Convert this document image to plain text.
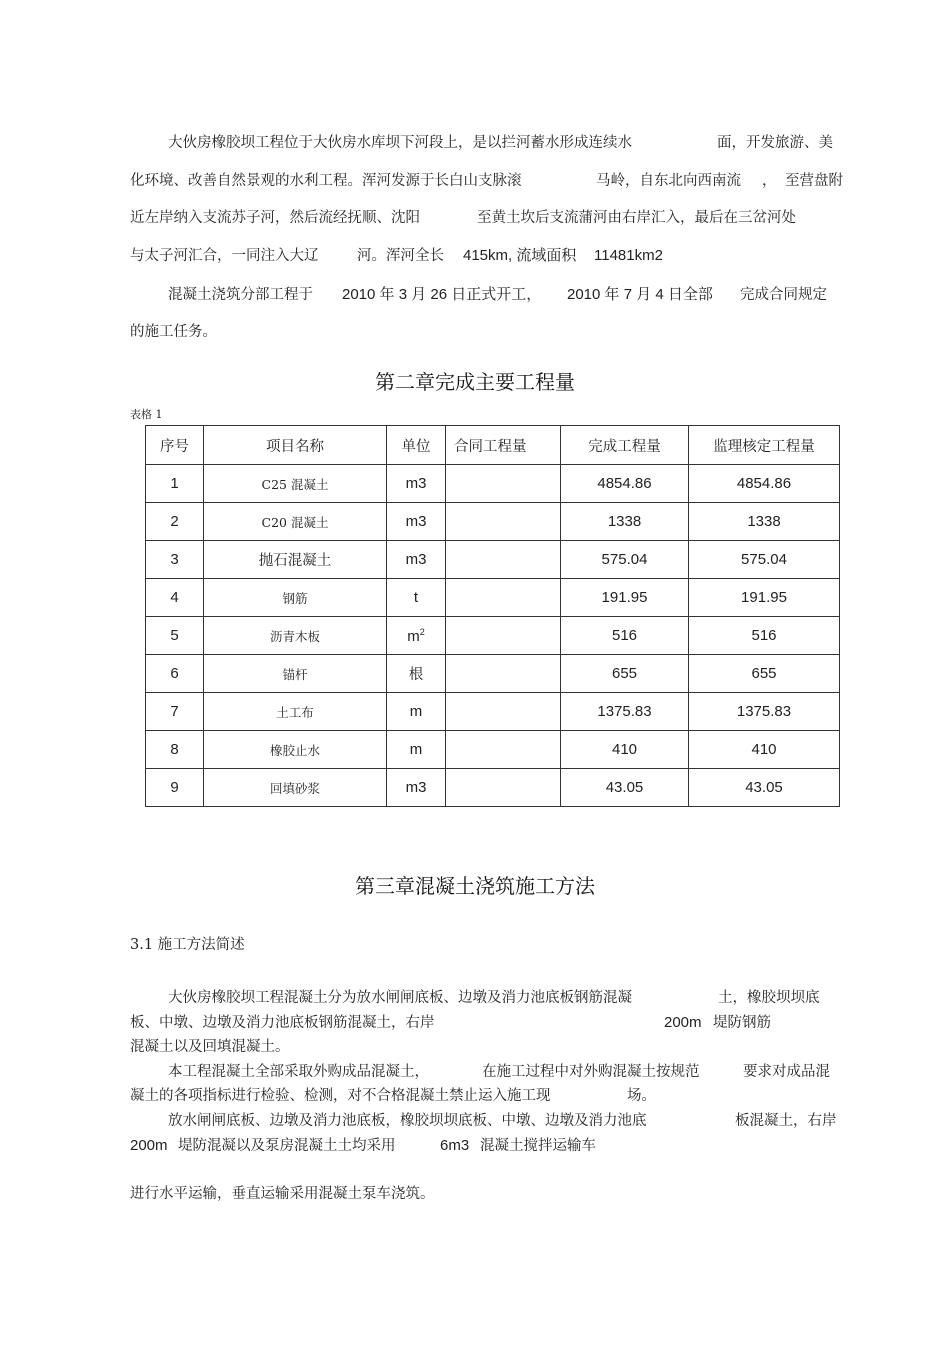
大伙房橡胶坝工程位于大伙房水库坝下河段上，是以拦河蓄水形成连续水	面，开发旅游、美
化环境、改善自然景观的水利工程。浑河发源于长白山支脉滚	马岭，自东北向西南流 ， 至营盘附
近左岸纳入支流苏子河，然后流经抚顺、沈阳	至黄土坎后支流蒲河由右岸汇入，最后在三岔河处
与太子河汇合，一同注入大辽	河。浑河全长 415km, 流域面积 11481km2
混凝土浇筑分部工程于 2010 年 3 月 26 日正式开工， 2010 年 7 月 4 日全部 完成合同规定
的施工任务。
第二章完成主要工程量
表格 1
序号	项目名称	单位	合同工程量	完成工程量	监理核定工程量
1	C25 混凝土	m3		4854.86	4854.86
2	C20 混凝土	m3		1338	1338
3	抛石混凝土	m3		575.04	575.04
4	钢筋	t		191.95	191.95
5	沥青木板	$m^2$		516	516
6	锚杆	根		655	655
7	土工布	m		1375.83	1375.83
8	橡胶止水	m		410	410
9	回填砂浆	m3		43.05	43.05
第三章混凝土浇筑施工方法
3.1 施工方法简述
大伙房橡胶坝工程混凝土分为放水闸闸底板、边墩及消力池底板钢筋混凝	土，橡胶坝坝底
板、中墩、边墩及消力池底板钢筋混凝土，右岸	200m 堤防钢筋
混凝土以及回填混凝土。
本工程混凝土全部采取外购成品混凝土，	在施工过程中对外购混凝土按规范	要求对成品混
凝土的各项指标进行检验、检测，对不合格混凝土禁止运入施工现	场。
放水闸闸底板、边墩及消力池底板，橡胶坝坝底板、中墩、边墩及消力池底	板混凝土，右岸
200m 堤防混凝以及泵房混凝土土均采用	6m3 混凝土搅拌运输车
进行水平运输，垂直运输采用混凝土泵车浇筑。
